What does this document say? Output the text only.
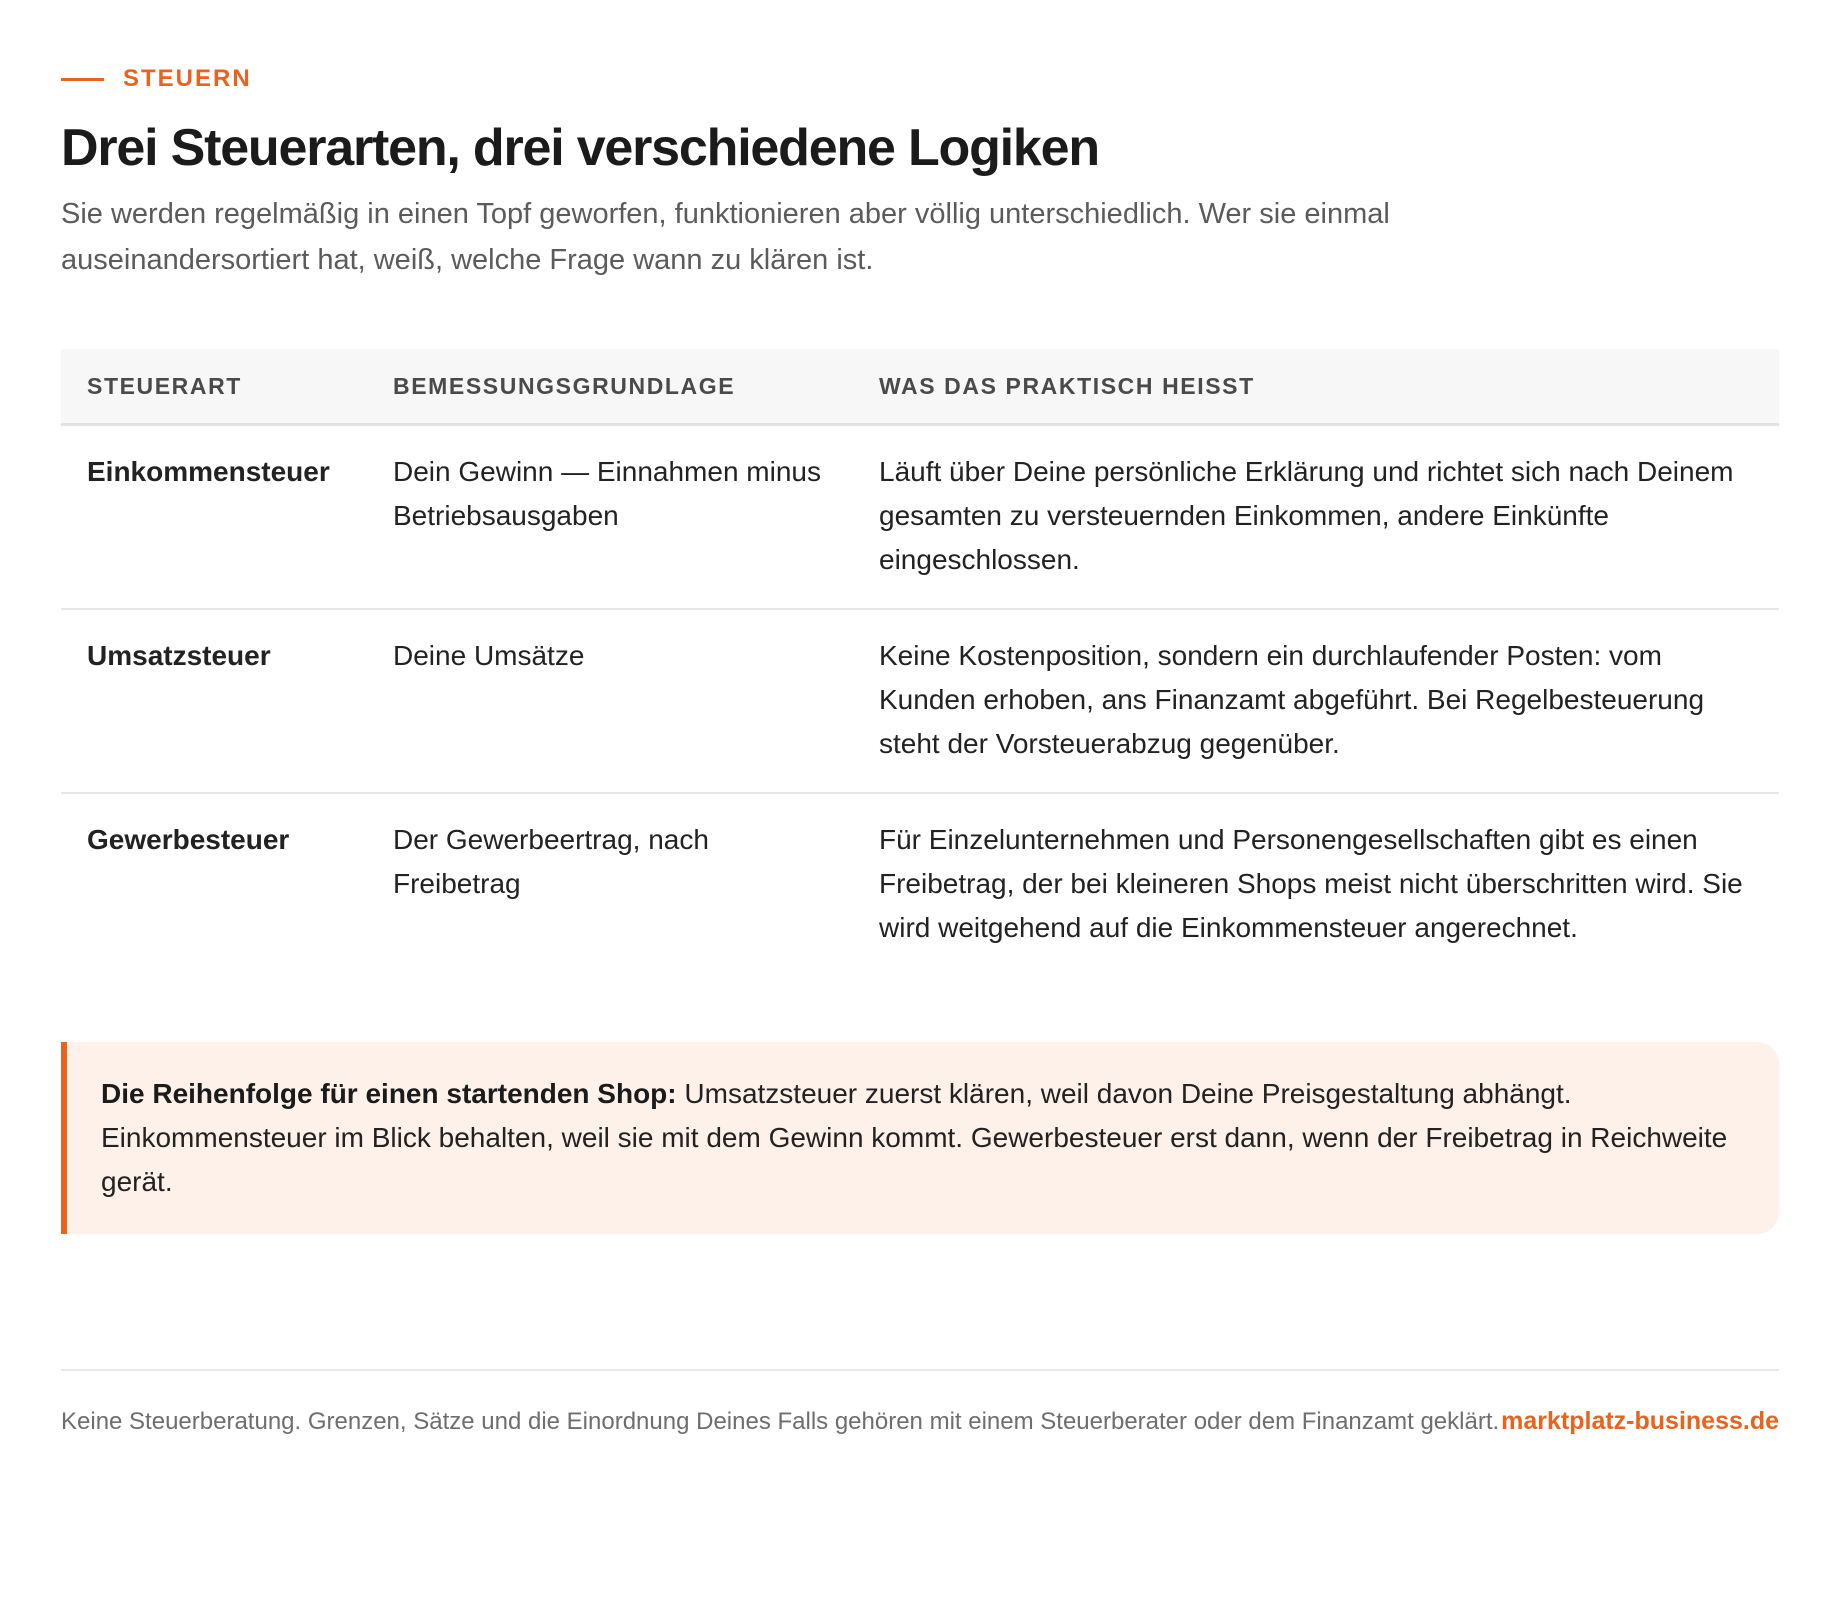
STEUERN
Drei Steuerarten, drei verschiedene Logiken

Sie werden regelmäßig in einen Topf geworfen, funktionieren aber völlig unterschiedlich. Wer sie einmal auseinandersortiert hat, weiß, welche Frage wann zu klären ist.

STEUERART	BEMESSUNGSGRUNDLAGE	WAS DAS PRAKTISCH HEISST
Einkommensteuer	Dein Gewinn — Einnahmen minus Betriebsausgaben	Läuft über Deine persönliche Erklärung und richtet sich nach Deinem gesamten zu versteuernden Einkommen, andere Einkünfte eingeschlossen.
Umsatzsteuer	Deine Umsätze	Keine Kostenposition, sondern ein durchlaufender Posten: vom Kunden erhoben, ans Finanzamt abgeführt. Bei Regelbesteuerung steht der Vorsteuerabzug gegenüber.
Gewerbesteuer	Der Gewerbeertrag, nach Freibetrag	Für Einzelunternehmen und Personengesellschaften gibt es einen Freibetrag, der bei kleineren Shops meist nicht überschritten wird. Sie wird weitgehend auf die Einkommensteuer angerechnet.
Die Reihenfolge für einen startenden Shop: Umsatzsteuer zuerst klären, weil davon Deine Preisgestaltung abhängt. Einkommensteuer im Blick behalten, weil sie mit dem Gewinn kommt. Gewerbesteuer erst dann, wenn der Freibetrag in Reichweite gerät.
Keine Steuerberatung. Grenzen, Sätze und die Einordnung Deines Falls gehören mit einem Steuerberater oder dem Finanzamt geklärt. marktplatz-business.de
